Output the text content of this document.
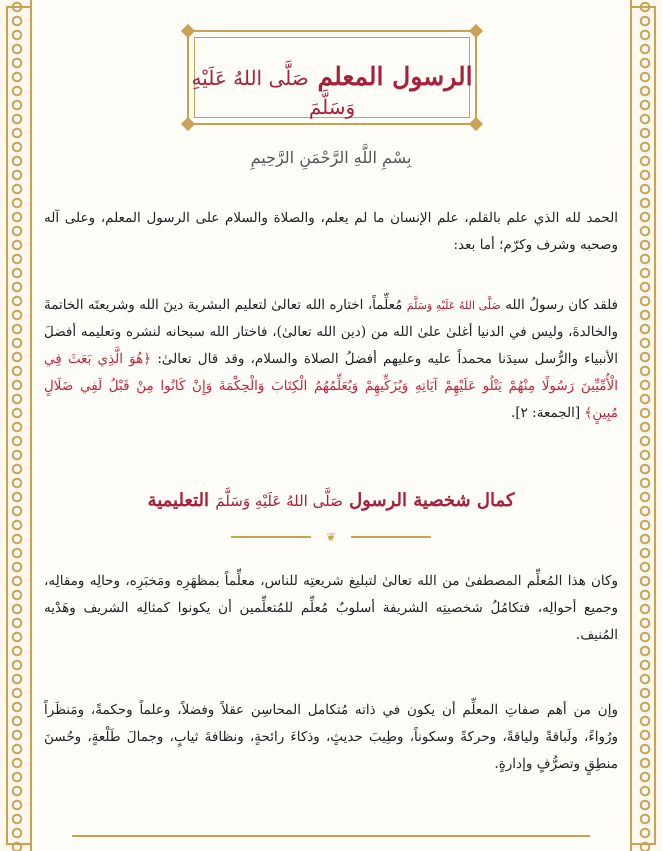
الرسول المعلم صَلَّى اللهُ عَلَيْهِ وَسَلَّمَ
بِسْمِ اللَّهِ الرَّحْمَنِ الرَّحِيمِ
الحمد لله الذي علم بالقلم، علم الإنسان ما لم يعلم، والصلاة والسلام على الرسول المعلم، وعلى آله وصحبه وشرف وكرّم؛ أما بعد:
فلقد كان رسولُ الله صَلَّى اللهُ عَلَيْهِ وَسَلَّمَ مُعلِّماً، اختاره الله تعالىٰ لتعليم البشرية دينَ الله وشريعتَه الخاتمةَ والخالدةَ، وليس في الدنيا أغلىٰ علىٰ الله من (دين الله تعالىٰ)، فاختار الله سبحانه لنشره وتعليمه أفضلَ الأنبياء والرُّسل سيدَنا محمداً عليه وعليهم أفضلُ الصلاة والسلام، وقد قال تعالىٰ: ﴿هُوَ الَّذِي بَعَثَ فِي الْأُمِّيِّينَ رَسُولًا مِنْهُمْ يَتْلُو عَلَيْهِمْ آيَاتِهِ وَيُزَكِّيهِمْ وَيُعَلِّمُهُمُ الْكِتَابَ وَالْحِكْمَةَ وَإِنْ كَانُوا مِنْ قَبْلُ لَفِي ضَلَالٍ مُبِينٍ﴾ [الجمعة: ٢].
كمال شخصية الرسول صَلَّى اللهُ عَلَيْهِ وَسَلَّمَ التعليمية
❦
وكان هذا المُعلِّم المصطفىٰ من الله تعالىٰ لتبليغ شريعتِه للناس، معلِّماً بمظهَرِه ومَخبَرِه، وحالِه ومقالِه، وجميع أحوالِه، فتكامُلُ شخصيتِه الشريفة أسلوبٌ مُعلِّم للمُتعلِّمين أن يكونوا كمثالِه الشريف وهَدْيه المُنيف.
وإن من أهم صفاتِ المعلِّم أن يكون في ذاته مُتكامل المحاسِن عقلاً وفضلاً، وعلماً وحكمةً، ومَنظَراً ورُواءً، ولَباقةً ولياقةً، وحركةً وسكوناً، وطِيبَ حديثٍ، وذكاءَ رائحةٍ، ونظافةَ ثيابٍ، وجمالَ طَلْعةٍ، وحُسنَ منطِقٍ وتصرُّفٍ وإدارةٍ.
